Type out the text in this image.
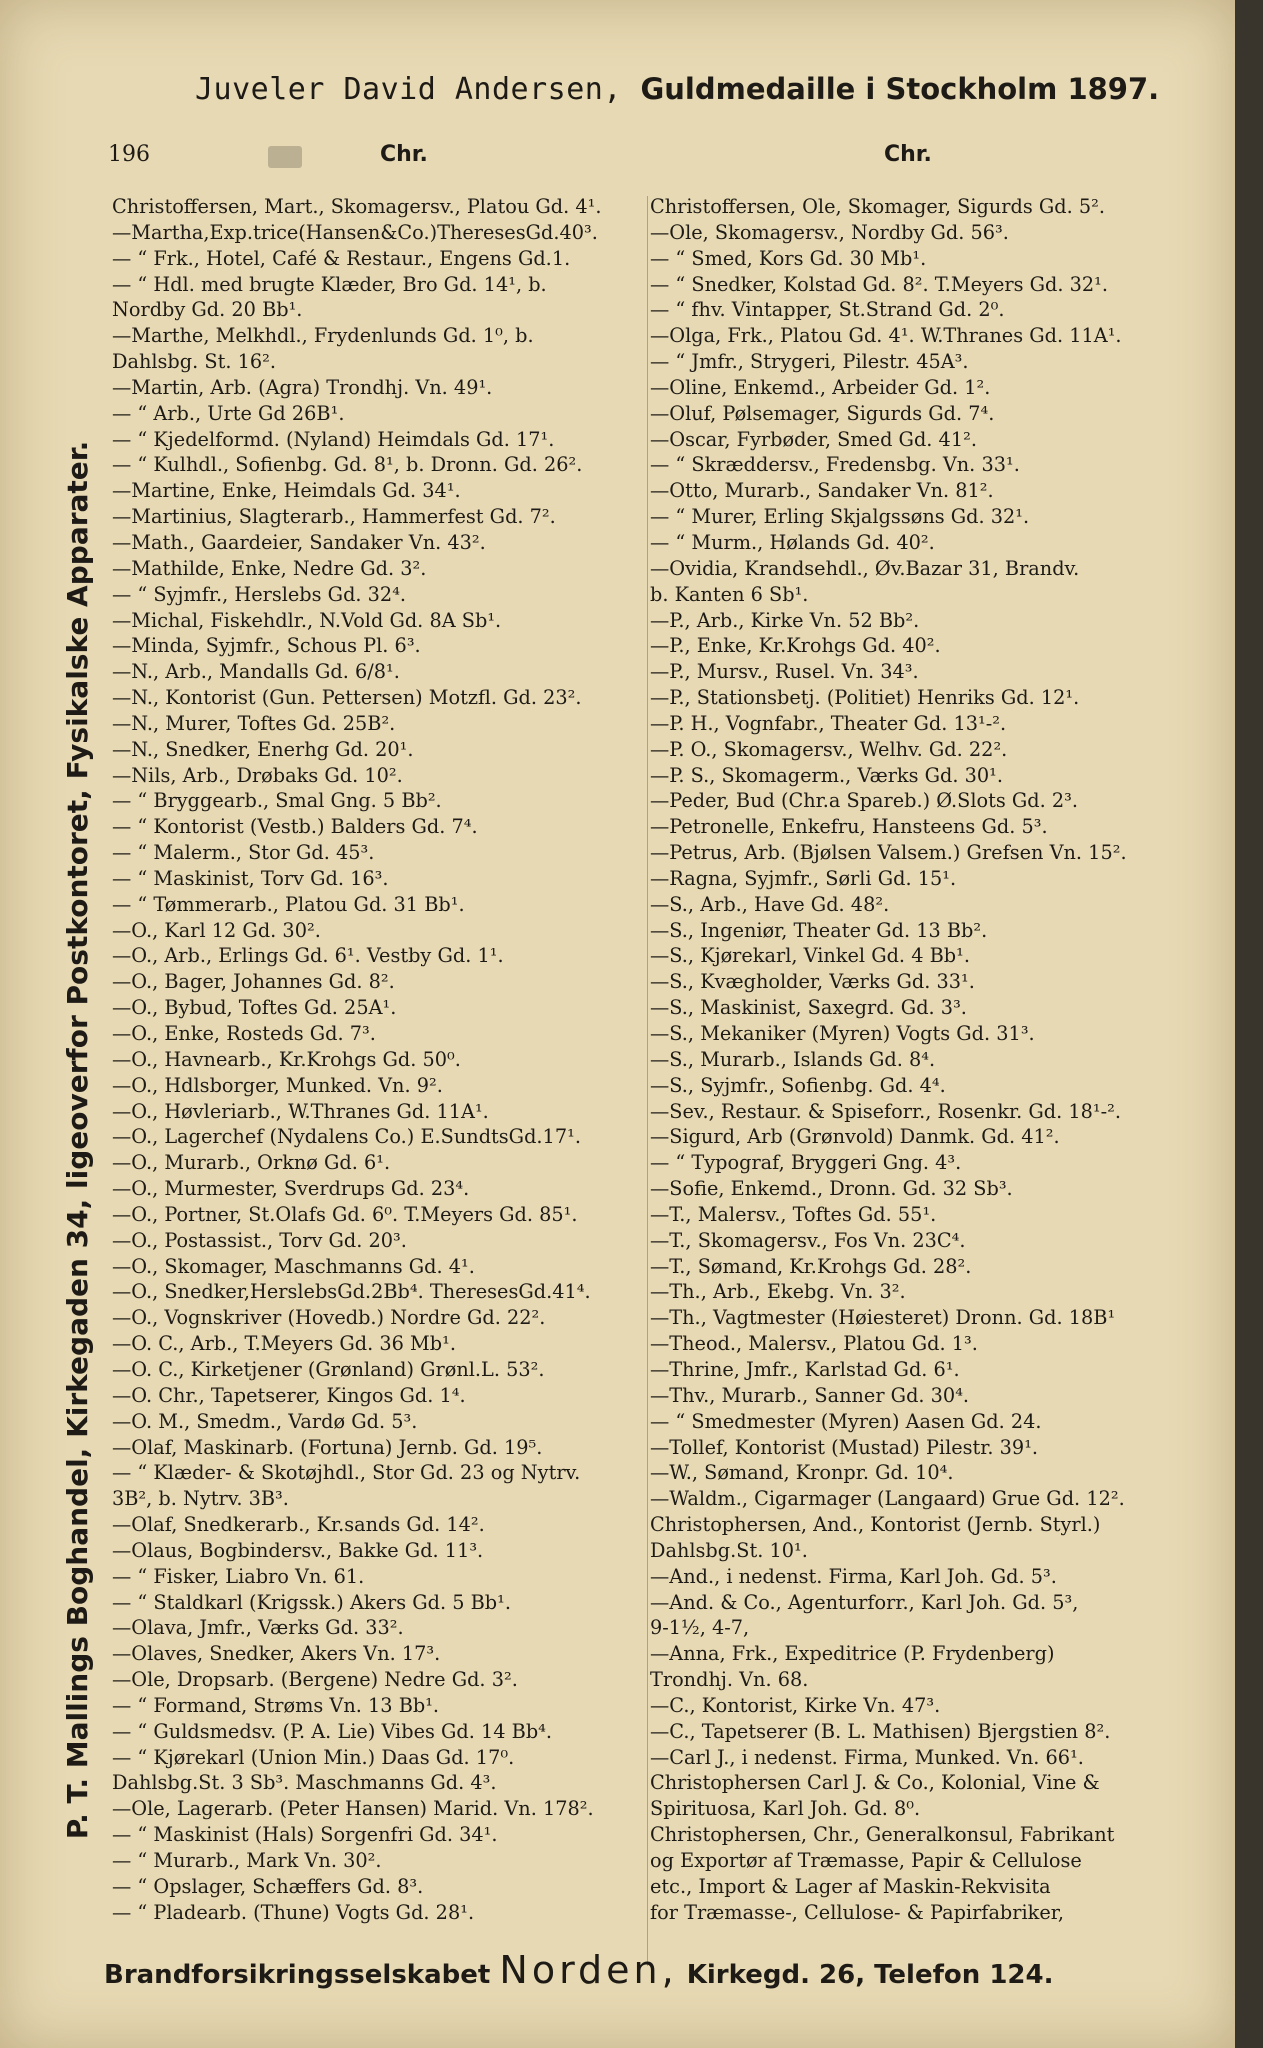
Juveler David Andersen, Guldmedaille i Stockholm 1897.
196	Chr.	Chr.
P. T. Mallings Boghandel, Kirkegaden 34, ligeoverfor Postkontoret, Fysikalske Apparater.
Christoffersen, Mart., Skomagersv., Platou Gd. 4¹.
—Martha,Exp.trice(Hansen&Co.)TheresesGd.40³.
— “ Frk., Hotel, Café & Restaur., Engens Gd.1.
— “ Hdl. med brugte Klæder, Bro Gd. 14¹, b.
Nordby Gd. 20 Bb¹.
—Marthe, Melkhdl., Frydenlunds Gd. 1⁰, b.
Dahlsbg. St. 16².
—Martin, Arb. (Agra) Trondhj. Vn. 49¹.
— “ Arb., Urte Gd 26B¹.
— “ Kjedelformd. (Nyland) Heimdals Gd. 17¹.
— “ Kulhdl., Sofienbg. Gd. 8¹, b. Dronn. Gd. 26².
—Martine, Enke, Heimdals Gd. 34¹.
—Martinius, Slagterarb., Hammerfest Gd. 7².
—Math., Gaardeier, Sandaker Vn. 43².
—Mathilde, Enke, Nedre Gd. 3².
— “ Syjmfr., Herslebs Gd. 32⁴.
—Michal, Fiskehdlr., N.Vold Gd. 8A Sb¹.
—Minda, Syjmfr., Schous Pl. 6³.
—N., Arb., Mandalls Gd. 6/8¹.
—N., Kontorist (Gun. Pettersen) Motzfl. Gd. 23².
—N., Murer, Toftes Gd. 25B².
—N., Snedker, Enerhg Gd. 20¹.
—Nils, Arb., Drøbaks Gd. 10².
— “ Bryggearb., Smal Gng. 5 Bb².
— “ Kontorist (Vestb.) Balders Gd. 7⁴.
— “ Malerm., Stor Gd. 45³.
— “ Maskinist, Torv Gd. 16³.
— “ Tømmerarb., Platou Gd. 31 Bb¹.
—O., Karl 12 Gd. 30².
—O., Arb., Erlings Gd. 6¹. Vestby Gd. 1¹.
—O., Bager, Johannes Gd. 8².
—O., Bybud, Toftes Gd. 25A¹.
—O., Enke, Rosteds Gd. 7³.
—O., Havnearb., Kr.Krohgs Gd. 50⁰.
—O., Hdlsborger, Munked. Vn. 9².
—O., Høvleriarb., W.Thranes Gd. 11A¹.
—O., Lagerchef (Nydalens Co.) E.SundtsGd.17¹.
—O., Murarb., Orknø Gd. 6¹.
—O., Murmester, Sverdrups Gd. 23⁴.
—O., Portner, St.Olafs Gd. 6⁰. T.Meyers Gd. 85¹.
—O., Postassist., Torv Gd. 20³.
—O., Skomager, Maschmanns Gd. 4¹.
—O., Snedker,HerslebsGd.2Bb⁴. TheresesGd.41⁴.
—O., Vognskriver (Hovedb.) Nordre Gd. 22².
—O. C., Arb., T.Meyers Gd. 36 Mb¹.
—O. C., Kirketjener (Grønland) Grønl.L. 53².
—O. Chr., Tapetserer, Kingos Gd. 1⁴.
—O. M., Smedm., Vardø Gd. 5³.
—Olaf, Maskinarb. (Fortuna) Jernb. Gd. 19⁵.
— “ Klæder- & Skotøjhdl., Stor Gd. 23 og Nytrv.
3B², b. Nytrv. 3B³.
—Olaf, Snedkerarb., Kr.sands Gd. 14².
—Olaus, Bogbindersv., Bakke Gd. 11³.
— “ Fisker, Liabro Vn. 61.
— “ Staldkarl (Krigssk.) Akers Gd. 5 Bb¹.
—Olava, Jmfr., Værks Gd. 33².
—Olaves, Snedker, Akers Vn. 17³.
—Ole, Dropsarb. (Bergene) Nedre Gd. 3².
— “ Formand, Strøms Vn. 13 Bb¹.
— “ Guldsmedsv. (P. A. Lie) Vibes Gd. 14 Bb⁴.
— “ Kjørekarl (Union Min.) Daas Gd. 17⁰.
Dahlsbg.St. 3 Sb³. Maschmanns Gd. 4³.
—Ole, Lagerarb. (Peter Hansen) Marid. Vn. 178².
— “ Maskinist (Hals) Sorgenfri Gd. 34¹.
— “ Murarb., Mark Vn. 30².
— “ Opslager, Schæffers Gd. 8³.
— “ Pladearb. (Thune) Vogts Gd. 28¹.
Christoffersen, Ole, Skomager, Sigurds Gd. 5².
—Ole, Skomagersv., Nordby Gd. 56³.
— “ Smed, Kors Gd. 30 Mb¹.
— “ Snedker, Kolstad Gd. 8². T.Meyers Gd. 32¹.
— “ fhv. Vintapper, St.Strand Gd. 2⁰.
—Olga, Frk., Platou Gd. 4¹. W.Thranes Gd. 11A¹.
— “ Jmfr., Strygeri, Pilestr. 45A³.
—Oline, Enkemd., Arbeider Gd. 1².
—Oluf, Pølsemager, Sigurds Gd. 7⁴.
—Oscar, Fyrbøder, Smed Gd. 41².
— “ Skræddersv., Fredensbg. Vn. 33¹.
—Otto, Murarb., Sandaker Vn. 81².
— “ Murer, Erling Skjalgssøns Gd. 32¹.
— “ Murm., Hølands Gd. 40².
—Ovidia, Krandsehdl., Øv.Bazar 31, Brandv.
b. Kanten 6 Sb¹.
—P., Arb., Kirke Vn. 52 Bb².
—P., Enke, Kr.Krohgs Gd. 40².
—P., Mursv., Rusel. Vn. 34³.
—P., Stationsbetj. (Politiet) Henriks Gd. 12¹.
—P. H., Vognfabr., Theater Gd. 13¹-².
—P. O., Skomagersv., Welhv. Gd. 22².
—P. S., Skomagerm., Værks Gd. 30¹.
—Peder, Bud (Chr.a Spareb.) Ø.Slots Gd. 2³.
—Petronelle, Enkefru, Hansteens Gd. 5³.
—Petrus, Arb. (Bjølsen Valsem.) Grefsen Vn. 15².
—Ragna, Syjmfr., Sørli Gd. 15¹.
—S., Arb., Have Gd. 48².
—S., Ingeniør, Theater Gd. 13 Bb².
—S., Kjørekarl, Vinkel Gd. 4 Bb¹.
—S., Kvægholder, Værks Gd. 33¹.
—S., Maskinist, Saxegrd. Gd. 3³.
—S., Mekaniker (Myren) Vogts Gd. 31³.
—S., Murarb., Islands Gd. 8⁴.
—S., Syjmfr., Sofienbg. Gd. 4⁴.
—Sev., Restaur. & Spiseforr., Rosenkr. Gd. 18¹-².
—Sigurd, Arb (Grønvold) Danmk. Gd. 41².
— “ Typograf, Bryggeri Gng. 4³.
—Sofie, Enkemd., Dronn. Gd. 32 Sb³.
—T., Malersv., Toftes Gd. 55¹.
—T., Skomagersv., Fos Vn. 23C⁴.
—T., Sømand, Kr.Krohgs Gd. 28².
—Th., Arb., Ekebg. Vn. 3².
—Th., Vagtmester (Høiesteret) Dronn. Gd. 18B¹
—Theod., Malersv., Platou Gd. 1³.
—Thrine, Jmfr., Karlstad Gd. 6¹.
—Thv., Murarb., Sanner Gd. 30⁴.
— “ Smedmester (Myren) Aasen Gd. 24.
—Tollef, Kontorist (Mustad) Pilestr. 39¹.
—W., Sømand, Kronpr. Gd. 10⁴.
—Waldm., Cigarmager (Langaard) Grue Gd. 12².
Christophersen, And., Kontorist (Jernb. Styrl.)
Dahlsbg.St. 10¹.
—And., i nedenst. Firma, Karl Joh. Gd. 5³.
—And. & Co., Agenturforr., Karl Joh. Gd. 5³,
9-1½, 4-7,
—Anna, Frk., Expeditrice (P. Frydenberg)
Trondhj. Vn. 68.
—C., Kontorist, Kirke Vn. 47³.
—C., Tapetserer (B. L. Mathisen) Bjergstien 8².
—Carl J., i nedenst. Firma, Munked. Vn. 66¹.
Christophersen Carl J. & Co., Kolonial, Vine &
Spirituosa, Karl Joh. Gd. 8⁰.
Christophersen, Chr., Generalkonsul, Fabrikant
og Exportør af Træmasse, Papir & Cellulose
etc., Import & Lager af Maskin-Rekvisita
for Træmasse-, Cellulose- & Papirfabriker,
Brandforsikringsselskabet Norden, Kirkegd. 26, Telefon 124.
